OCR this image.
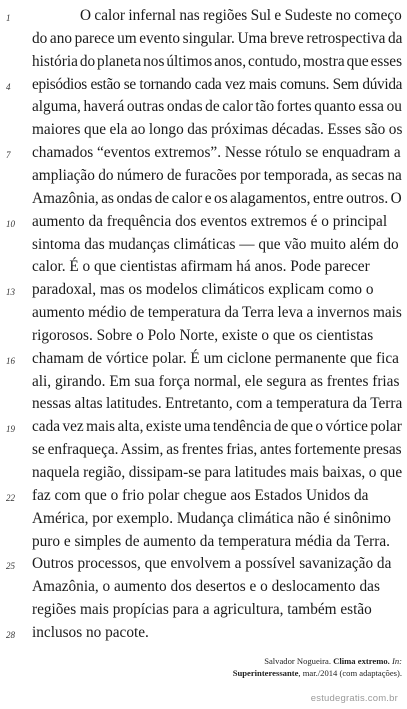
1	O calor infernal nas regiões Sul e Sudeste no começo
do ano parece um evento singular. Uma breve retrospectiva da
história do planeta nos últimos anos, contudo, mostra que esses
4	episódios estão se tornando cada vez mais comuns. Sem dúvida
alguma, haverá outras ondas de calor tão fortes quanto essa ou
maiores que ela ao longo das próximas décadas. Esses são os
7	chamados “eventos extremos”. Nesse rótulo se enquadram a
ampliação do número de furacões por temporada, as secas na
Amazônia, as ondas de calor e os alagamentos, entre outros. O
10 aumento da frequência dos eventos extremos é o principal
sintoma das mudanças climáticas — que vão muito além do
calor. É o que cientistas afirmam há anos. Pode parecer
13 paradoxal, mas os modelos climáticos explicam como o
aumento médio de temperatura da Terra leva a invernos mais
rigorosos. Sobre o Polo Norte, existe o que os cientistas
16 chamam de vórtice polar. É um ciclone permanente que fica
ali, girando. Em sua força normal, ele segura as frentes frias
nessas altas latitudes. Entretanto, com a temperatura da Terra
19 cada vez mais alta, existe uma tendência de que o vórtice polar
se enfraqueça. Assim, as frentes frias, antes fortemente presas
naquela região, dissipam-se para latitudes mais baixas, o que
22 faz com que o frio polar chegue aos Estados Unidos da
América, por exemplo. Mudança climática não é sinônimo
puro e simples de aumento da temperatura média da Terra.
25 Outros processos, que envolvem a possível savanização da
Amazônia, o aumento dos desertos e o deslocamento das
regiões mais propícias para a agricultura, também estão
28 inclusos no pacote.
Salvador Nogueira. Clima extremo. In:
Superinteressante, mar./2014 (com adaptações).
estudegratis.com.br
